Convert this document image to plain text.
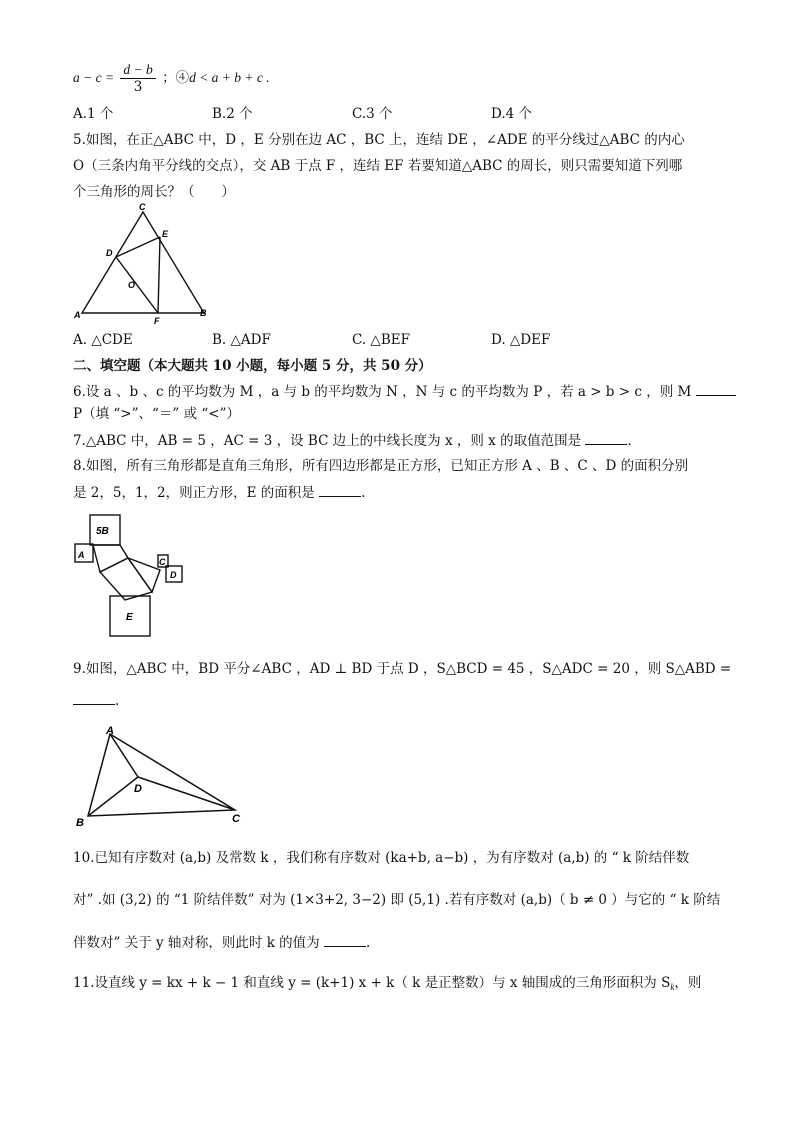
$a - c = \frac{d - b}{3}$ ；④d < a + b + c .
A.1 个	B.2 个	C.3 个	D.4 个
5.如图，在正△ABC 中，D ，E 分别在边 AC ，BC 上，连结 DE ，∠ADE 的平分线过△ABC 的内心
O（三条内角平分线的交点），交 AB 于点 F ，连结 EF 若要知道△ABC 的周长，则只需要知道下列哪
个三角形的周长？（　　）
C
D
E
O
A
F
B
A. △CDE	B. △ADF	C. △BEF	D. △DEF
二、填空题（本大题共 10 小题，每小题 5 分，共 50 分）
6.设 a 、b 、c 的平均数为 M ，a 与 b 的平均数为 N ，N 与 c 的平均数为 P ，若 a > b > c ，则 M
P（填 “>”、“＝” 或 “<”）
7.△ABC 中，AB = 5 ，AC = 3 ，设 BC 边上的中线长度为 x ，则 x 的取值范围是	.
8.如图，所有三角形都是直角三角形，所有四边形都是正方形，已知正方形 A 、B 、C 、D 的面积分别
是 2，5，1，2，则正方形，E 的面积是	.
5B
A
C
D
E
9.如图，△ABC 中，BD 平分∠ABC ，AD ⊥ BD 于点 D ，S△BCD = 45 ，S△ADC = 20 ，则 S△ABD =
.
A
D
B	C
10.已知有序数对 (a,b) 及常数 k ，我们称有序数对 (ka+b, a−b) ，为有序数对 (a,b) 的 “ k 阶结伴数
对” .如 (3,2) 的 “1 阶结伴数” 对为 (1×3+2, 3−2) 即 (5,1) .若有序数对 (a,b)（ b ≠ 0 ）与它的 “ k 阶结
伴数对” 关于 y 轴对称，则此时 k 的值为	.
11.设直线 y = kx + k − 1 和直线 y = (k+1) x + k（ k 是正整数）与 x 轴围成的三角形面积为 $S_k$，则
